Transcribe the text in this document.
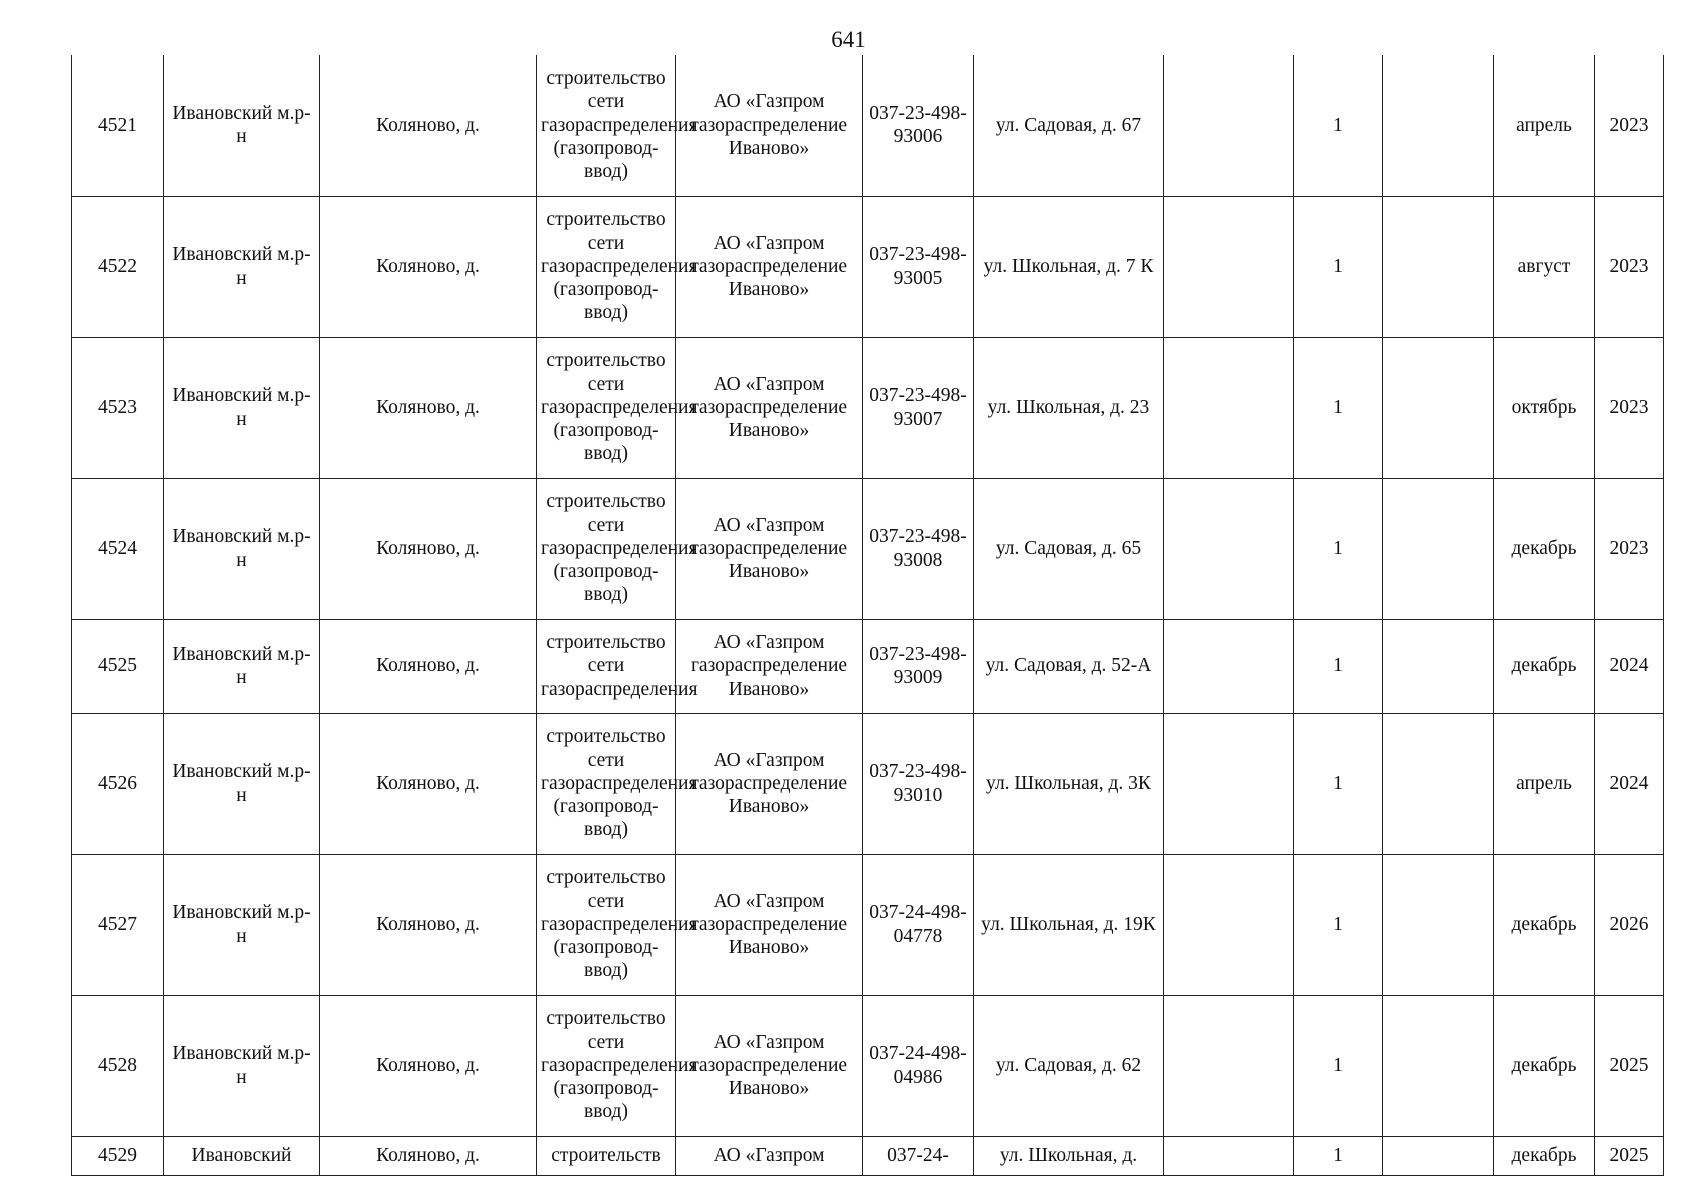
641
4521	Ивановский м.р-н	Коляново, д.	строительство сети газораспределения (газопровод-ввод)	АО «Газпром газораспределение Иваново»	037-23-498-93006	ул. Садовая, д. 67		1		апрель	2023
4522	Ивановский м.р-н	Коляново, д.	строительство сети газораспределения (газопровод-ввод)	АО «Газпром газораспределение Иваново»	037-23-498-93005	ул. Школьная, д. 7 К		1		август	2023
4523	Ивановский м.р-н	Коляново, д.	строительство сети газораспределения (газопровод-ввод)	АО «Газпром газораспределение Иваново»	037-23-498-93007	ул. Школьная, д. 23		1		октябрь	2023
4524	Ивановский м.р-н	Коляново, д.	строительство сети газораспределения (газопровод-ввод)	АО «Газпром газораспределение Иваново»	037-23-498-93008	ул. Садовая, д. 65		1		декабрь	2023
4525	Ивановский м.р-н	Коляново, д.	строительство сети газораспределения	АО «Газпром газораспределение Иваново»	037-23-498-93009	ул. Садовая, д. 52-А		1		декабрь	2024
4526	Ивановский м.р-н	Коляново, д.	строительство сети газораспределения (газопровод-ввод)	АО «Газпром газораспределение Иваново»	037-23-498-93010	ул. Школьная, д. 3К		1		апрель	2024
4527	Ивановский м.р-н	Коляново, д.	строительство сети газораспределения (газопровод-ввод)	АО «Газпром газораспределение Иваново»	037-24-498-04778	ул. Школьная, д. 19К		1		декабрь	2026
4528	Ивановский м.р-н	Коляново, д.	строительство сети газораспределения (газопровод-ввод)	АО «Газпром газораспределение Иваново»	037-24-498-04986	ул. Садовая, д. 62		1		декабрь	2025
4529	Ивановский	Коляново, д.	строительств	АО «Газпром	037-24-	ул. Школьная, д.		1		декабрь	2025
